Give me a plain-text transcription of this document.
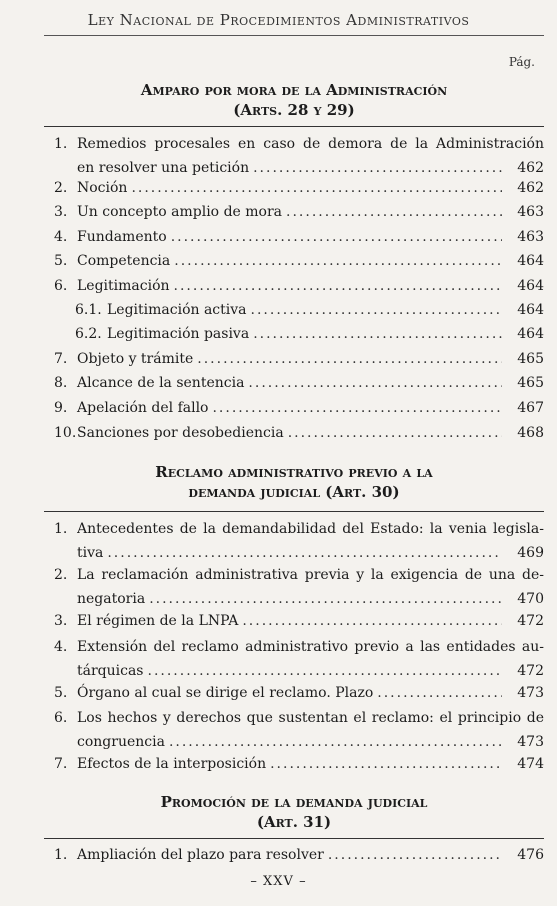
Ley Nacional de Procedimientos Administrativos
Pág.
Amparo por mora de la Administración
(Arts. 28 y 29)
1. Remedios procesales en caso de demora de la Administración
en resolver una petición .....	462
2. Noción .....	462
3. Un concepto amplio de mora .....	463
4. Fundamento .....	463
5. Competencia .....	464
6. Legitimación .....	464
6.1. Legitimación activa .....	464
6.2. Legitimación pasiva .....	464
7. Objeto y trámite .....	465
8. Alcance de la sentencia .....	465
9. Apelación del fallo .....	467
10. Sanciones por desobediencia .....	468
Reclamo administrativo previo a la
demanda judicial (Art. 30)
1. Antecedentes de la demandabilidad del Estado: la venia legisla-
tiva .....	469
2. La reclamación administrativa previa y la exigencia de una de-
negatoria .....	470
3. El régimen de la LNPA .....	472
4. Extensión del reclamo administrativo previo a las entidades au-
tárquicas .....	472
5. Órgano al cual se dirige el reclamo. Plazo .....	473
6. Los hechos y derechos que sustentan el reclamo: el principio de
congruencia .....	473
7. Efectos de la interposición .....	474
Promoción de la demanda judicial
(Art. 31)
1. Ampliación del plazo para resolver .....	476
– XXV –
